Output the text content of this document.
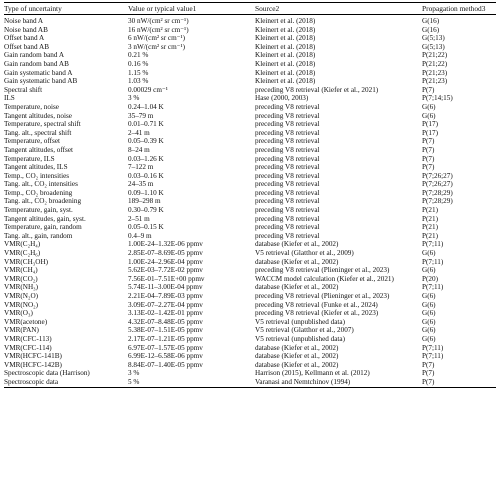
Type of uncertainty	Value or typical value1	Source2	Propagation method3
Noise band A	30 nW/(cm² sr cm⁻¹)	Kleinert et al. (2018)	G(16)
Noise band AB	16 nW/(cm² sr cm⁻¹)	Kleinert et al. (2018)	G(16)
Offset band A	6 nW/(cm² sr cm⁻¹)	Kleinert et al. (2018)	G(5;13)
Offset band AB	3 nW/(cm² sr cm⁻¹)	Kleinert et al. (2018)	G(5;13)
Gain random band A	0.21 %	Kleinert et al. (2018)	P(21;22)
Gain random band AB	0.16 %	Kleinert et al. (2018)	P(21;22)
Gain systematic band A	1.15 %	Kleinert et al. (2018)	P(21;23)
Gain systematic band AB	1.03 %	Kleinert et al. (2018)	P(21;23)
Spectral shift	0.00029 cm⁻¹	preceding V8 retrieval (Kiefer et al., 2021)	P(7)
ILS	3 %	Hase (2000, 2003)	P(7;14;15)
Temperature, noise	0.24–1.04 K	preceding V8 retrieval	G(6)
Tangent altitudes, noise	35–79 m	preceding V8 retrieval	G(6)
Temperature, spectral shift	0.01–0.71 K	preceding V8 retrieval	P(17)
Tang. alt., spectral shift	2–41 m	preceding V8 retrieval	P(17)
Temperature, offset	0.05–0.39 K	preceding V8 retrieval	P(7)
Tangent altitudes, offset	8–24 m	preceding V8 retrieval	P(7)
Temperature, ILS	0.03–1.26 K	preceding V8 retrieval	P(7)
Tangent altitudes, ILS	7–122 m	preceding V8 retrieval	P(7)
Temp., CO₂ intensities	0.03–0.16 K	preceding V8 retrieval	P(7;26;27)
Tang. alt., CO₂ intensities	24–35 m	preceding V8 retrieval	P(7;26;27)
Temp., CO₂ broadening	0.09–1.10 K	preceding V8 retrieval	P(7;28;29)
Tang. alt., CO₂ broadening	189–298 m	preceding V8 retrieval	P(7;28;29)
Temperature, gain, syst.	0.30–0.79 K	preceding V8 retrieval	P(21)
Tangent altitudes, gain, syst.	2–51 m	preceding V8 retrieval	P(21)
Temperature, gain, random	0.05–0.15 K	preceding V8 retrieval	P(21)
Tang. alt., gain, random	0.4–9 m	preceding V8 retrieval	P(21)
VMR(C₂H₄)	1.00E-24–1.32E-06 ppmv	database (Kiefer et al., 2002)	P(7;11)
VMR(C₂H₆)	2.85E-07–8.69E-05 ppmv	V5 retrieval (Glatthor et al., 2009)	G(6)
VMR(CH₃OH)	1.00E-24–2.96E-04 ppmv	database (Kiefer et al., 2002)	P(7;11)
VMR(CH₄)	5.62E-03–7.72E-02 ppmv	preceding V8 retrieval (Plieninger et al., 2023)	G(6)
VMR(CO₂)	7.56E-01–7.51E+00 ppmv	WACCM model calculation (Kiefer et al., 2021)	P(20)
VMR(NH₃)	5.74E-11–3.00E-04 ppmv	database (Kiefer et al., 2002)	P(7;11)
VMR(N₂O)	2.21E-04–7.89E-03 ppmv	preceding V8 retrieval (Plieninger et al., 2023)	G(6)
VMR(NO₂)	3.09E-07–2.27E-04 ppmv	preceding V8 retrieval (Funke et al., 2024)	G(6)
VMR(O₃)	3.13E-02–1.42E-01 ppmv	preceding V8 retrieval (Kiefer et al., 2023)	G(6)
VMR(acetone)	4.32E-07–8.48E-05 ppmv	V5 retrieval (unpublished data)	G(6)
VMR(PAN)	5.38E-07–1.51E-05 ppmv	V5 retrieval (Glatthor et al., 2007)	G(6)
VMR(CFC-113)	2.17E-07–1.21E-05 ppmv	V5 retrieval (unpublished data)	G(6)
VMR(CFC-114)	6.97E-07–1.57E-05 ppmv	database (Kiefer et al., 2002)	P(7;11)
VMR(HCFC-141B)	6.99E-12–6.58E-06 ppmv	database (Kiefer et al., 2002)	P(7;11)
VMR(HCFC-142B)	8.84E-07–1.40E-05 ppmv	database (Kiefer et al., 2002)	P(7)
Spectroscopic data (Harrison)	3 %	Harrison (2015), Kellmann et al. (2012)	P(7)
Spectroscopic data	5 %	Varanasi and Nemtchinov (1994)	P(7)
